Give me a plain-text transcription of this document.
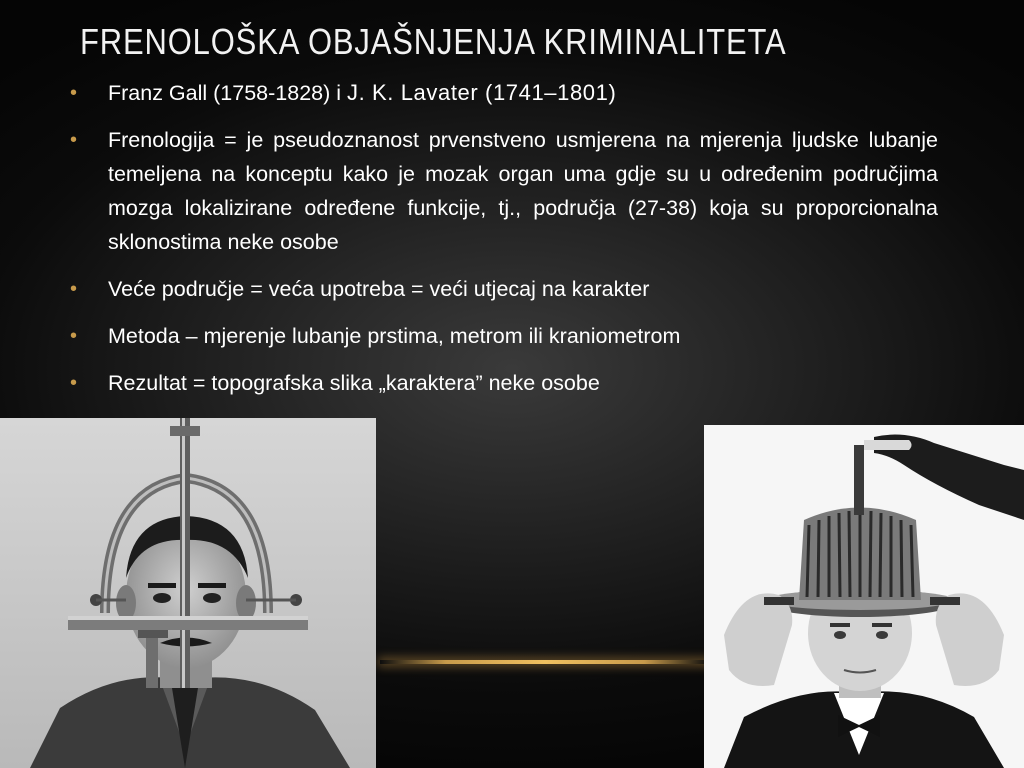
FRENOLOŠKA OBJAŠNJENJA KRIMINALITETA
• Franz Gall (1758-1828) i J. K. Lavater (1741–1801)
• Frenologija = je pseudoznanost prvenstveno usmjerena na mjerenja ljudske lubanje temeljena na konceptu kako je mozak organ uma gdje su u određenim područjima mozga lokalizirane određene funkcije, tj., područja (27-38) koja su proporcionalna sklonostima neke osobe
• Veće područje = veća upotreba = veći utjecaj na karakter
• Metoda – mjerenje lubanje prstima, metrom ili kraniometrom
• Rezultat = topografska slika „karaktera” neke osobe
